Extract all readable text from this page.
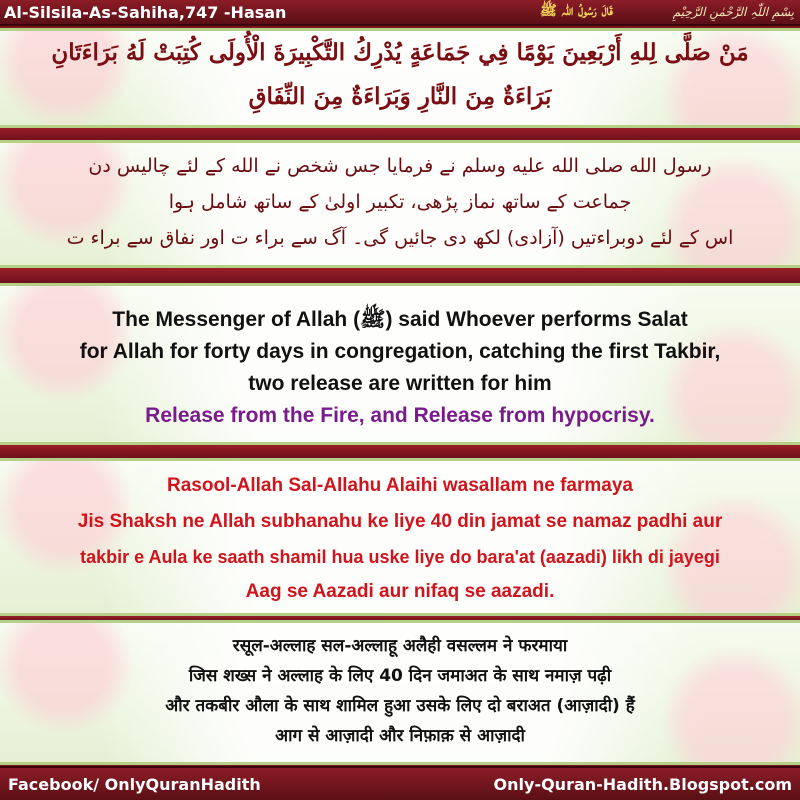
Al-Silsila-As-Sahiha,747 -Hasan	قَالَ رَسُولُ اللّٰہ ﷺ	بِسْمِ اللّٰہِ الرَّحْمٰنِ الرَّحِیْمِ
مَنْ صَلَّى لِلهِ أَرْبَعِينَ يَوْمًا فِي جَمَاعَةٍ يُدْرِكُ التَّكْبِيرَةَ الْأُولَى كُتِبَتْ لَهُ بَرَاءَتَانِ
بَرَاءَةٌ مِنَ النَّارِ وَبَرَاءَةٌ مِنَ النِّفَاقِ
رسول الله صلی الله علیه وسلم نے فرمایا جس شخص نے الله کے لئے چالیس دن
جماعت کے ساتھ نماز پڑھی، تکبیر اولیٰ کے ساتھ شامل ہوا
اس کے لئے دوبراءتیں (آزادی) لکھ دی جائیں گی۔ آگ سے براء ت اور نفاق سے براء ت
The Messenger of Allah (ﷺ) said Whoever performs Salat
for Allah for forty days in congregation, catching the first Takbir,
two release are written for him
Release from the Fire, and Release from hypocrisy.
Rasool-Allah Sal-Allahu Alaihi wasallam ne farmaya
Jis Shaksh ne Allah subhanahu ke liye 40 din jamat se namaz padhi aur
takbir e Aula ke saath shamil hua uske liye do bara'at (aazadi) likh di jayegi
Aag se Aazadi aur nifaq se aazadi.
रसूल-अल्लाह सल-अल्लाहू अलैही वसल्लम ने फरमाया
जिस शख्स ने अल्लाह के लिए 40 दिन जमाअत के साथ नमाज़ पढ़ी
और तकबीर औला के साथ शामिल हुआ उसके लिए दो बराअत (आज़ादी) हैं
आग से आज़ादी और निफ़ाक़ से आज़ादी
Facebook/ OnlyQuranHadith	Only-Quran-Hadith.Blogspot.com
